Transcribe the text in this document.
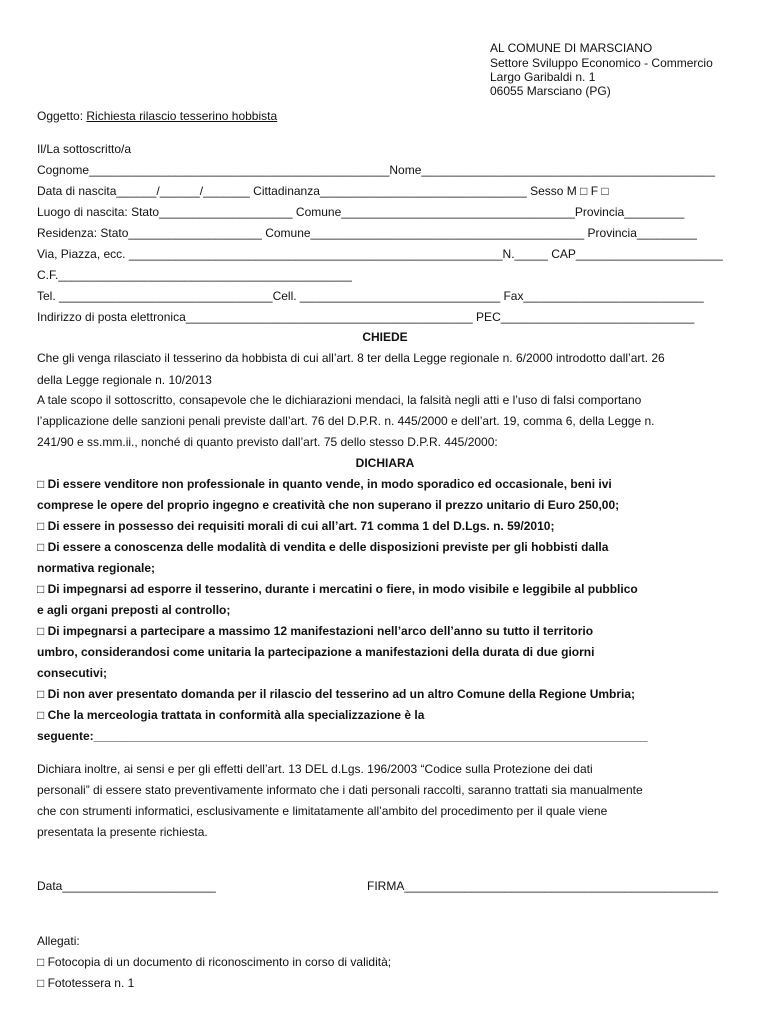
AL COMUNE DI MARSCIANO
Settore Sviluppo Economico - Commercio
Largo Garibaldi n. 1
06055 Marsciano (PG)
Oggetto: Richiesta rilascio tesserino hobbista
Il/La sottoscritto/a
Cognome_____________________________________________Nome____________________________________________
Data di nascita______/______/_______ Cittadinanza_______________________________ Sesso M □ F □
Luogo di nascita: Stato____________________ Comune___________________________________Provincia_________
Residenza: Stato____________________ Comune_________________________________________ Provincia_________
Via, Piazza, ecc. ________________________________________________________N._____ CAP______________________
C.F.____________________________________________
Tel. ________________________________Cell. ______________________________ Fax___________________________
Indirizzo di posta elettronica___________________________________________ PEC_____________________________
CHIEDE
Che gli venga rilasciato il tesserino da hobbista di cui all’art. 8 ter della Legge regionale n. 6/2000 introdotto dall’art. 26
della Legge regionale n. 10/2013
A tale scopo il sottoscritto, consapevole che le dichiarazioni mendaci, la falsità negli atti e l’uso di falsi comportano
l’applicazione delle sanzioni penali previste dall’art. 76 del D.P.R. n. 445/2000 e dell’art. 19, comma 6, della Legge n.
241/90 e ss.mm.ii., nonché di quanto previsto dall’art. 75 dello stesso D.P.R. 445/2000:
DICHIARA
□ Di essere venditore non professionale in quanto vende, in modo sporadico ed occasionale, beni ivi
comprese le opere del proprio ingegno e creatività che non superano il prezzo unitario di Euro 250,00;
□ Di essere in possesso dei requisiti morali di cui all’art. 71 comma 1 del D.Lgs. n. 59/2010;
□ Di essere a conoscenza delle modalità di vendita e delle disposizioni previste per gli hobbisti dalla
normativa regionale;
□ Di impegnarsi ad esporre il tesserino, durante i mercatini o fiere, in modo visibile e leggibile al pubblico
e agli organi preposti al controllo;
□ Di impegnarsi a partecipare a massimo 12 manifestazioni nell’arco dell’anno su tutto il territorio
umbro, considerandosi come unitaria la partecipazione a manifestazioni della durata di due giorni
consecutivi;
□ Di non aver presentato domanda per il rilascio del tesserino ad un altro Comune della Regione Umbria;
□ Che la merceologia trattata in conformità alla specializzazione è la
seguente:___________________________________________________________________________________
Dichiara inoltre, ai sensi e per gli effetti dell’art. 13 DEL d.Lgs. 196/2003 “Codice sulla Protezione dei dati
personali” di essere stato preventivamente informato che i dati personali raccolti, saranno trattati sia manualmente
che con strumenti informatici, esclusivamente e limitatamente all’ambito del procedimento per il quale viene
presentata la presente richiesta.
Data_______________________	FIRMA_______________________________________________
Allegati:
□ Fotocopia di un documento di riconoscimento in corso di validità;
□ Fototessera n. 1
